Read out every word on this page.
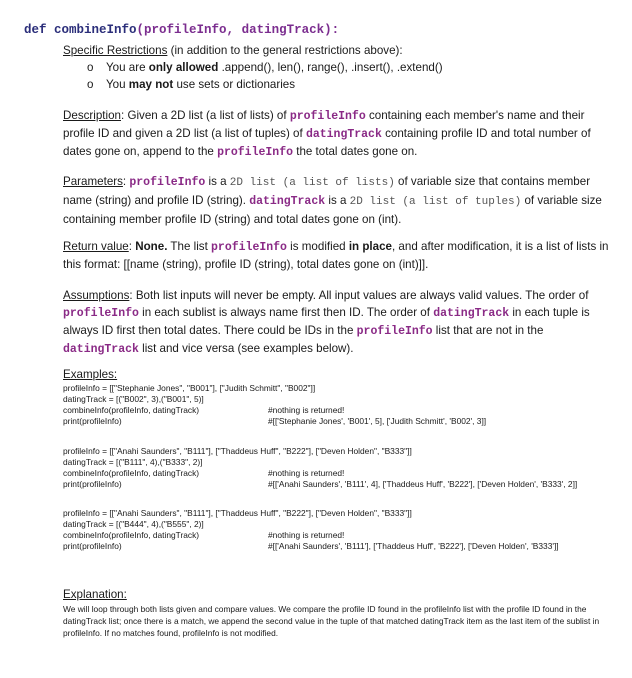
def combineInfo(profileInfo, datingTrack):
Specific Restrictions (in addition to the general restrictions above):
o You are only allowed .append(), len(), range(), .insert(), .extend()
o You may not use sets or dictionaries
Description: Given a 2D list (a list of lists) of profileInfo containing each member's name and their profile ID and given a 2D list (a list of tuples) of datingTrack containing profile ID and total number of dates gone on, append to the profileInfo the total dates gone on.
Parameters: profileInfo is a 2D list (a list of lists) of variable size that contains member name (string) and profile ID (string). datingTrack is a 2D list (a list of tuples) of variable size containing member profile ID (string) and total dates gone on (int).
Return value: None. The list profileInfo is modified in place, and after modification, it is a list of lists in this format: [[name (string), profile ID (string), total dates gone on (int)]].
Assumptions: Both list inputs will never be empty. All input values are always valid values. The order of profileInfo in each sublist is always name first then ID. The order of datingTrack in each tuple is always ID first then total dates. There could be IDs in the profileInfo list that are not in the datingTrack list and vice versa (see examples below).
Examples:
profileInfo = [["Stephanie Jones", "B001"], ["Judith Schmitt", "B002"]]
datingTrack = [("B002", 3),("B001", 5)]
combineInfo(profileInfo, datingTrack)	#nothing is returned!
print(profileInfo)	#[['Stephanie Jones', 'B001', 5], ['Judith Schmitt', 'B002', 3]]
profileInfo = [["Anahi Saunders", "B111"], ["Thaddeus Huff", "B222"], ["Deven Holden", "B333"]]
datingTrack = [("B111", 4),("B333", 2)]
combineInfo(profileInfo, datingTrack)	#nothing is returned!
print(profileInfo)	#[['Anahi Saunders', 'B111', 4], ['Thaddeus Huff', 'B222'], ['Deven Holden', 'B333', 2]]
profileInfo = [["Anahi Saunders", "B111"], ["Thaddeus Huff", "B222"], ["Deven Holden", "B333"]]
datingTrack = [("B444", 4),("B555", 2)]
combineInfo(profileInfo, datingTrack)	#nothing is returned!
print(profileInfo)	#[['Anahi Saunders', 'B111'], ['Thaddeus Huff', 'B222'], ['Deven Holden', 'B333']]
Explanation:
We will loop through both lists given and compare values. We compare the profile ID found in the profileInfo list with the profile ID found in the datingTrack list; once there is a match, we append the second value in the tuple of that matched datingTrack item as the last item of the sublist in profileInfo. If no matches found, profileInfo is not modified.
